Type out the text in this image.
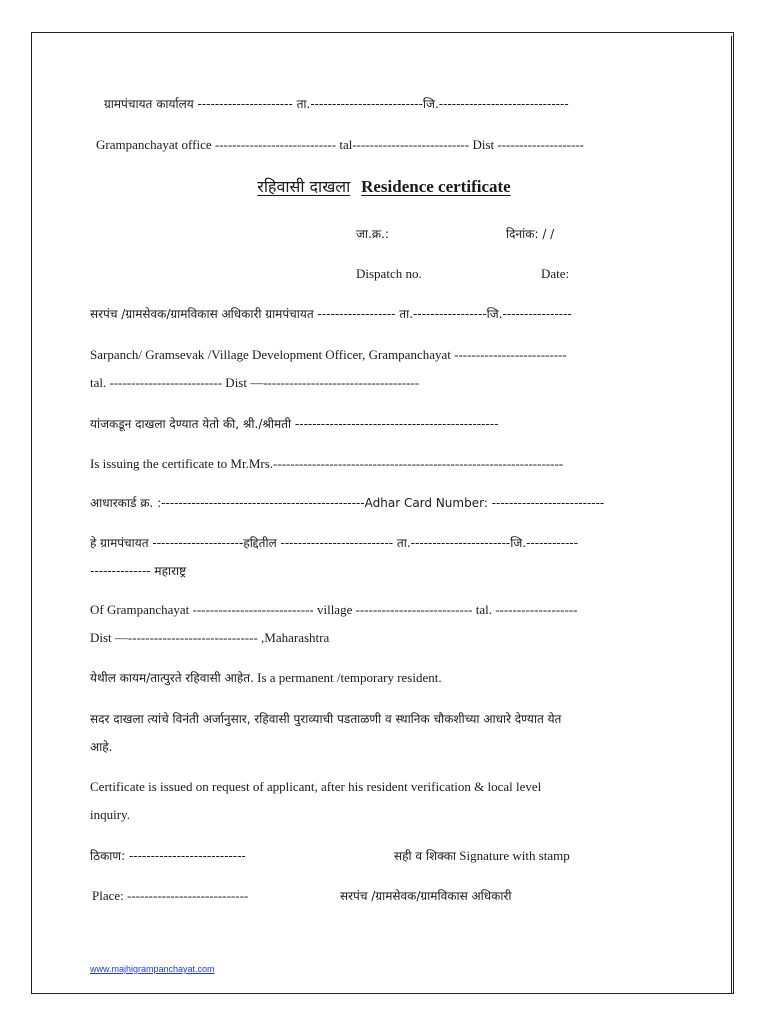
ग्रामपंचायत कार्यालय ---------------------- ता.--------------------------जि.------------------------------
Grampanchayat office ---------------------------- tal--------------------------- Dist --------------------
रहिवासी दाखला Residence certificate
जा.क्र.:	दिनांक: / /
Dispatch no.	Date:
सरपंच /ग्रामसेवक/ग्रामविकास अधिकारी ग्रामपंचायत ------------------ ता.-----------------जि.----------------
Sarpanch/ Gramsevak /Village Development Officer, Grampanchayat --------------------------
tal. -------------------------- Dist —------------------------------------
यांजकडून दाखला देण्यात येतो की, श्री./श्रीमती -----------------------------------------------
Is issuing the certificate to Mr.Mrs.-------------------------------------------------------------------
आधारकार्ड क्र. :-----------------------------------------------Adhar Card Number: --------------------------
हे ग्रामपंचायत ---------------------हद्दितील -------------------------- ता.-----------------------जि.------------
-------------- महाराष्ट्र
Of Grampanchayat ---------------------------- village --------------------------- tal. -------------------
Dist —------------------------------ ,Maharashtra
येथील कायम/तात्पुरते रहिवासी आहेत. Is a permanent /temporary resident.
सदर दाखला त्यांचे विनंती अर्जानुसार, रहिवासी पुराव्याची पडताळणी व स्थानिक चौकशीच्या आधारे देण्यात येत
आहे.
Certificate is issued on request of applicant, after his resident verification & local level
inquiry.
ठिकाण: ---------------------------	सही व शिक्का Signature with stamp
Place: ----------------------------	सरपंच /ग्रामसेवक/ग्रामविकास अधिकारी
www.majhigrampanchayat.com
